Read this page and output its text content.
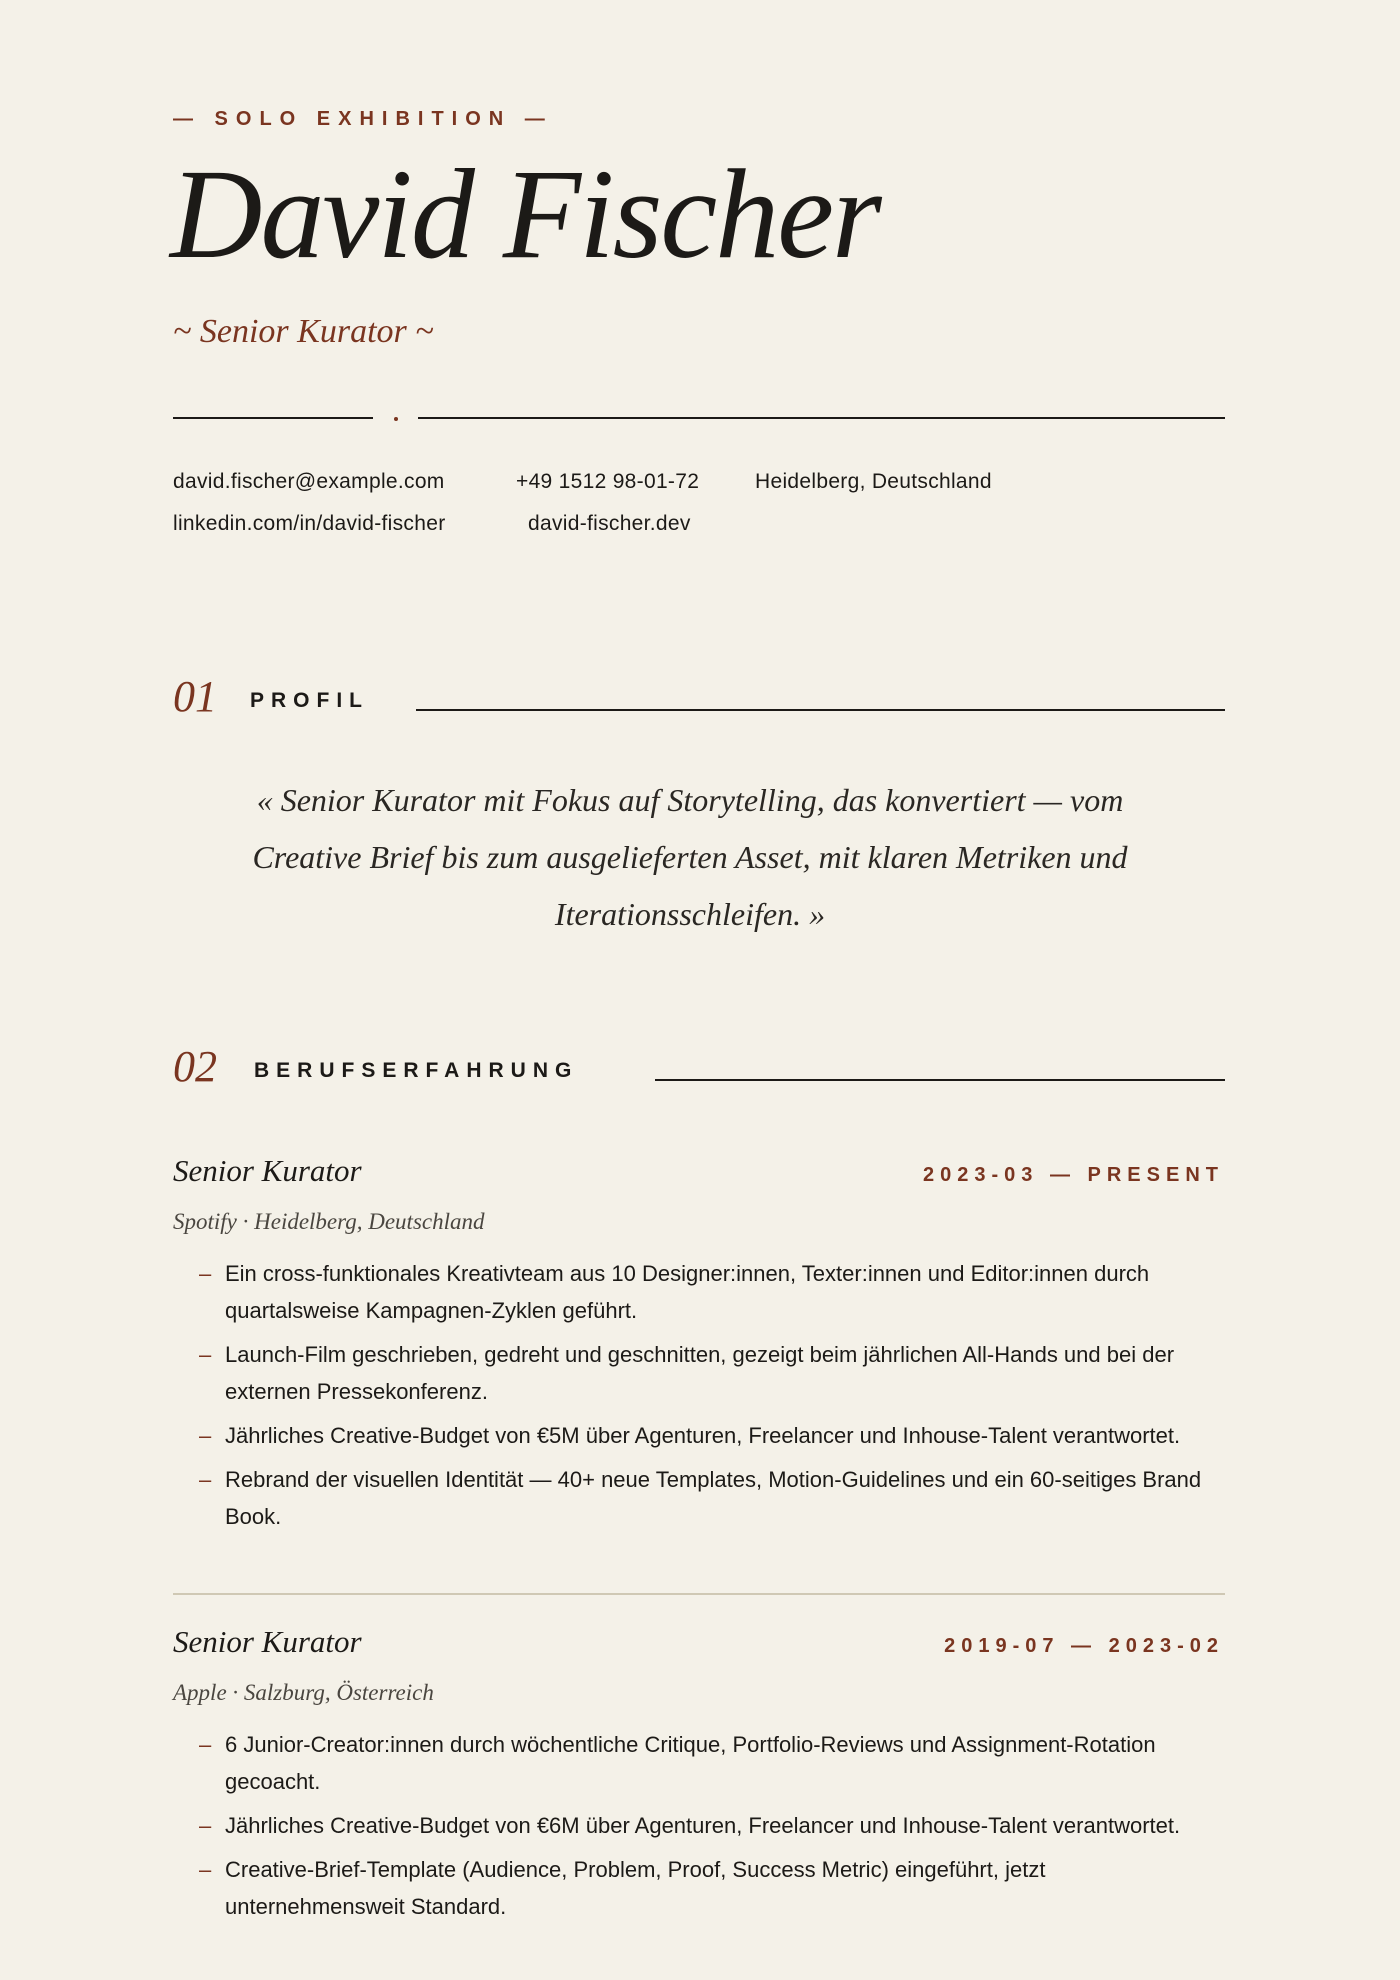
— SOLO EXHIBITION —
David Fischer
~ Senior Kurator ~
david.fischer@example.com	+49 1512 98-01-72	Heidelberg, Deutschland
linkedin.com/in/david-fischer	david-fischer.dev
01 PROFIL
« Senior Kurator mit Fokus auf Storytelling, das konvertiert — vom Creative Brief bis zum ausgelieferten Asset, mit klaren Metriken und Iterationsschleifen. »
02 BERUFSERFAHRUNG
Senior Kurator	2023-03 — PRESENT
Spotify · Heidelberg, Deutschland
– Ein cross-funktionales Kreativteam aus 10 Designer:innen, Texter:innen und Editor:innen durch quartalsweise Kampagnen-Zyklen geführt.
– Launch-Film geschrieben, gedreht und geschnitten, gezeigt beim jährlichen All-Hands und bei der externen Pressekonferenz.
– Jährliches Creative-Budget von €5M über Agenturen, Freelancer und Inhouse-Talent verantwortet.
– Rebrand der visuellen Identität — 40+ neue Templates, Motion-Guidelines und ein 60-seitiges Brand Book.
Senior Kurator	2019-07 — 2023-02
Apple · Salzburg, Österreich
– 6 Junior-Creator:innen durch wöchentliche Critique, Portfolio-Reviews und Assignment-Rotation gecoacht.
– Jährliches Creative-Budget von €6M über Agenturen, Freelancer und Inhouse-Talent verantwortet.
– Creative-Brief-Template (Audience, Problem, Proof, Success Metric) eingeführt, jetzt unternehmensweit Standard.
